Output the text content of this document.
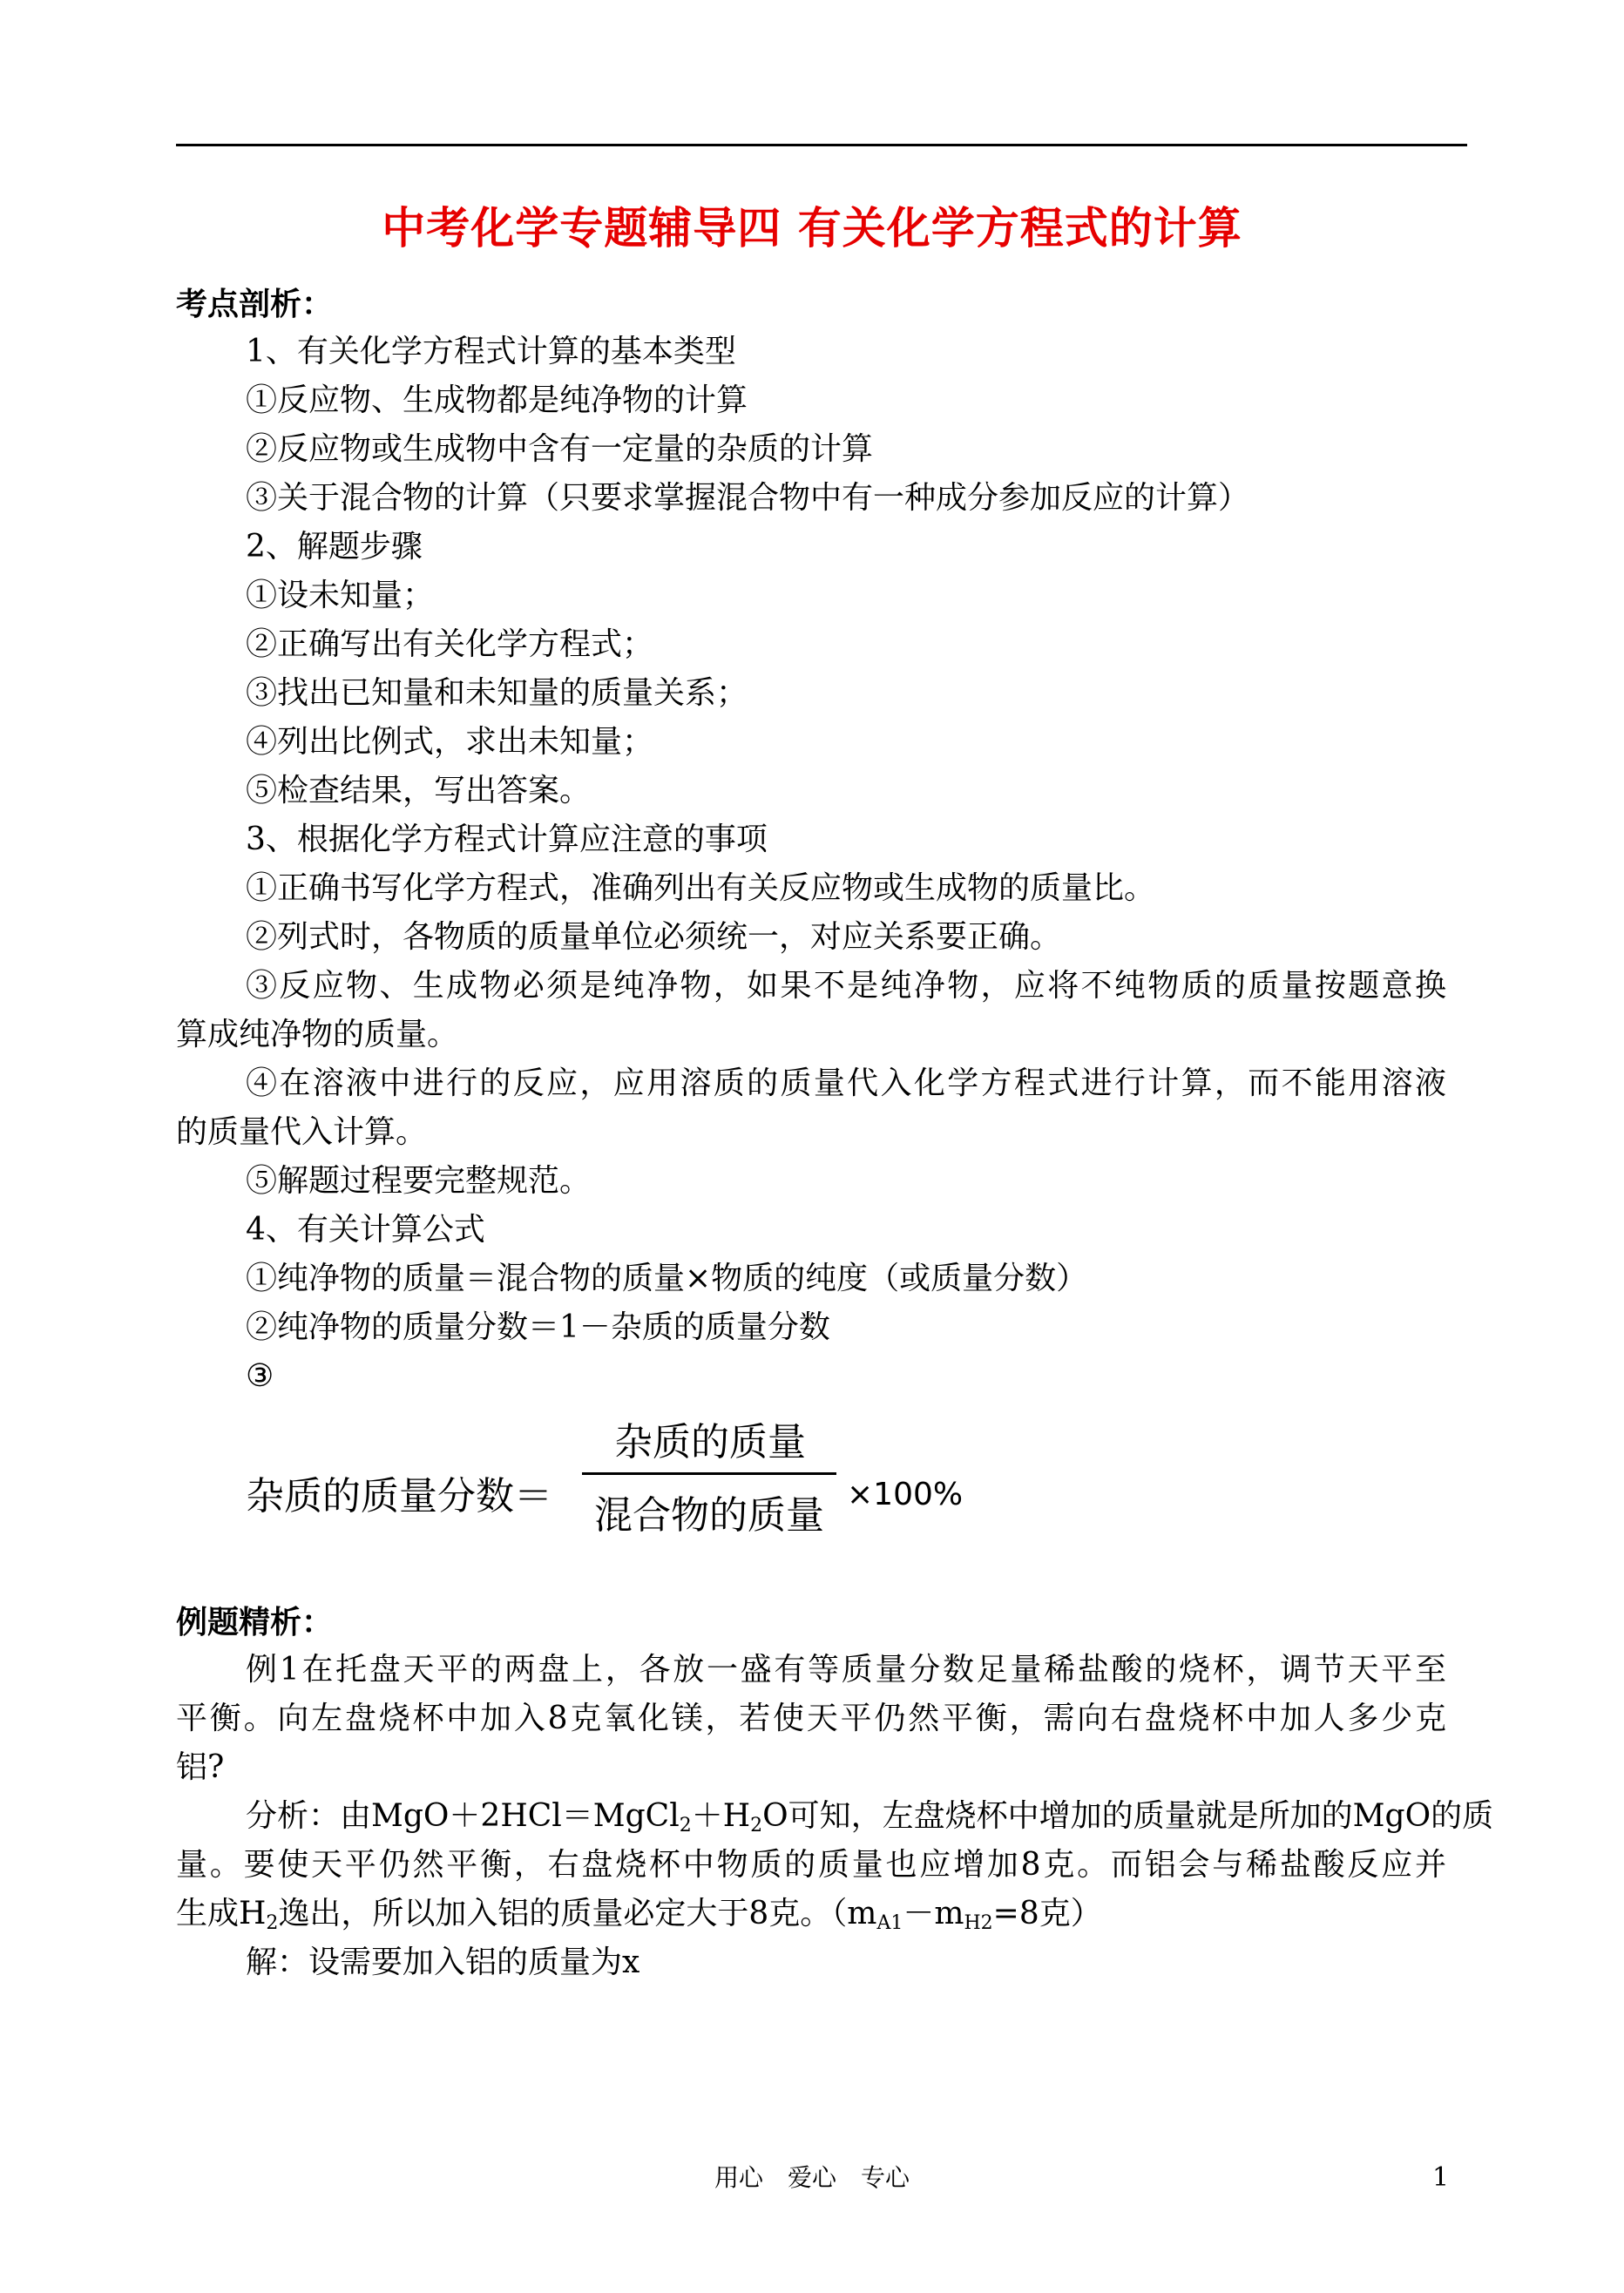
中考化学专题辅导四 有关化学方程式的计算
考点剖析：
1、有关化学方程式计算的基本类型
①反应物、生成物都是纯净物的计算
②反应物或生成物中含有一定量的杂质的计算
③关于混合物的计算（只要求掌握混合物中有一种成分参加反应的计算）
2、解题步骤
①设未知量；
②正确写出有关化学方程式；
③找出已知量和未知量的质量关系；
④列出比例式，求出未知量；
⑤检查结果，写出答案。
3、根据化学方程式计算应注意的事项
①正确书写化学方程式，准确列出有关反应物或生成物的质量比。
②列式时，各物质的质量单位必须统一，对应关系要正确。
③反应物、生成物必须是纯净物，如果不是纯净物，应将不纯物质的质量按题意换
算成纯净物的质量。
④在溶液中进行的反应，应用溶质的质量代入化学方程式进行计算，而不能用溶液
的质量代入计算。
⑤解题过程要完整规范。
4、有关计算公式
①纯净物的质量＝混合物的质量×物质的纯度（或质量分数）
②纯净物的质量分数＝1－杂质的质量分数
③
杂质的质量分数＝
杂质的质量
混合物的质量 ×100%
例题精析：
例1在托盘天平的两盘上，各放一盛有等质量分数足量稀盐酸的烧杯，调节天平至
平衡。向左盘烧杯中加入8克氧化镁，若使天平仍然平衡，需向右盘烧杯中加人多少克
铝?
分析：由$MgO+2HCl=MgCl_2+H_2O$可知，左盘烧杯中增加的质量就是所加的MgO的质
量。要使天平仍然平衡，右盘烧杯中物质的质量也应增加8克。而铝会与稀盐酸反应并
生成$H_2$逸出，所以加入铝的质量必定大于8克。（$m_{A1}-m_{H2}=8$克）
解：设需要加入铝的质量为x
用心　爱心　专心	1
